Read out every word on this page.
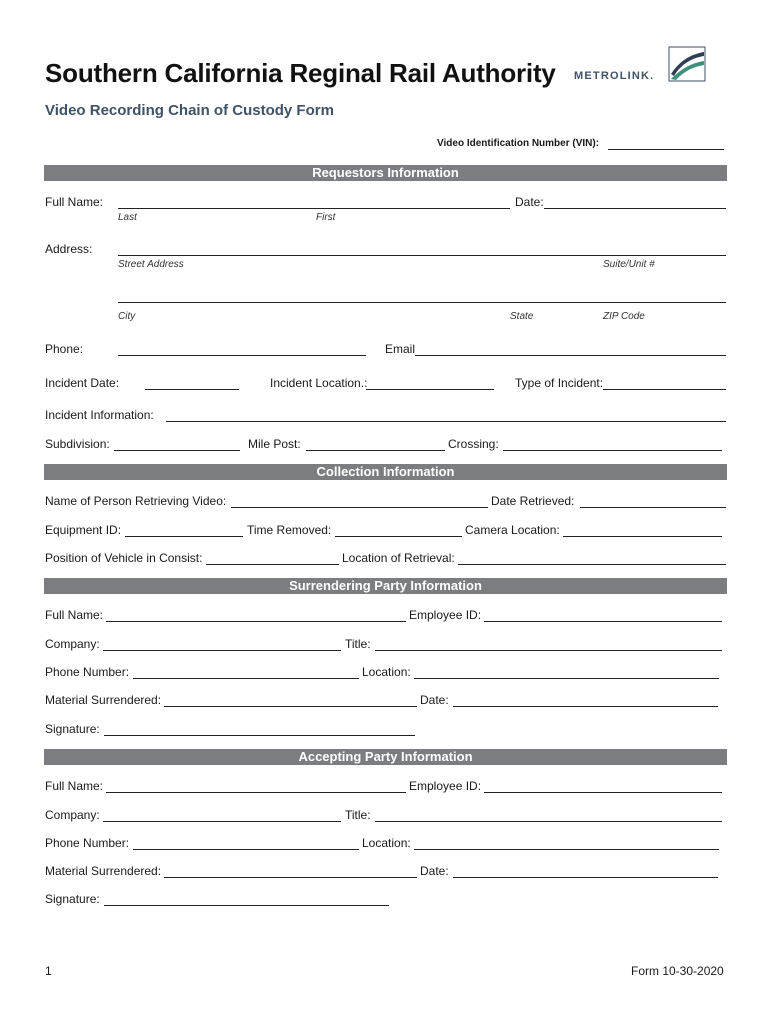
Southern California Reginal Rail Authority
Video Recording Chain of Custody Form
METROLINK.
Video Identification Number (VIN):
Requestors Information
Full Name:	Date:
Last	First
Address:
Street Address	Suite/Unit #
City	State	ZIP Code
Phone:	Email
Incident Date:	Incident Location.:	Type of Incident:
Incident Information:
Subdivision:	Mile Post:	Crossing:
Collection Information
Name of Person Retrieving Video:	Date Retrieved:
Equipment ID:	Time Removed:	Camera Location:
Position of Vehicle in Consist:	Location of Retrieval:
Surrendering Party Information
Full Name:	Employee ID:
Company:	Title:
Phone Number:	Location:
Material Surrendered:	Date:
Signature:
Accepting Party Information
Full Name:	Employee ID:
Company:	Title:
Phone Number:	Location:
Material Surrendered:	Date:
Signature:
1	Form 10-30-2020
